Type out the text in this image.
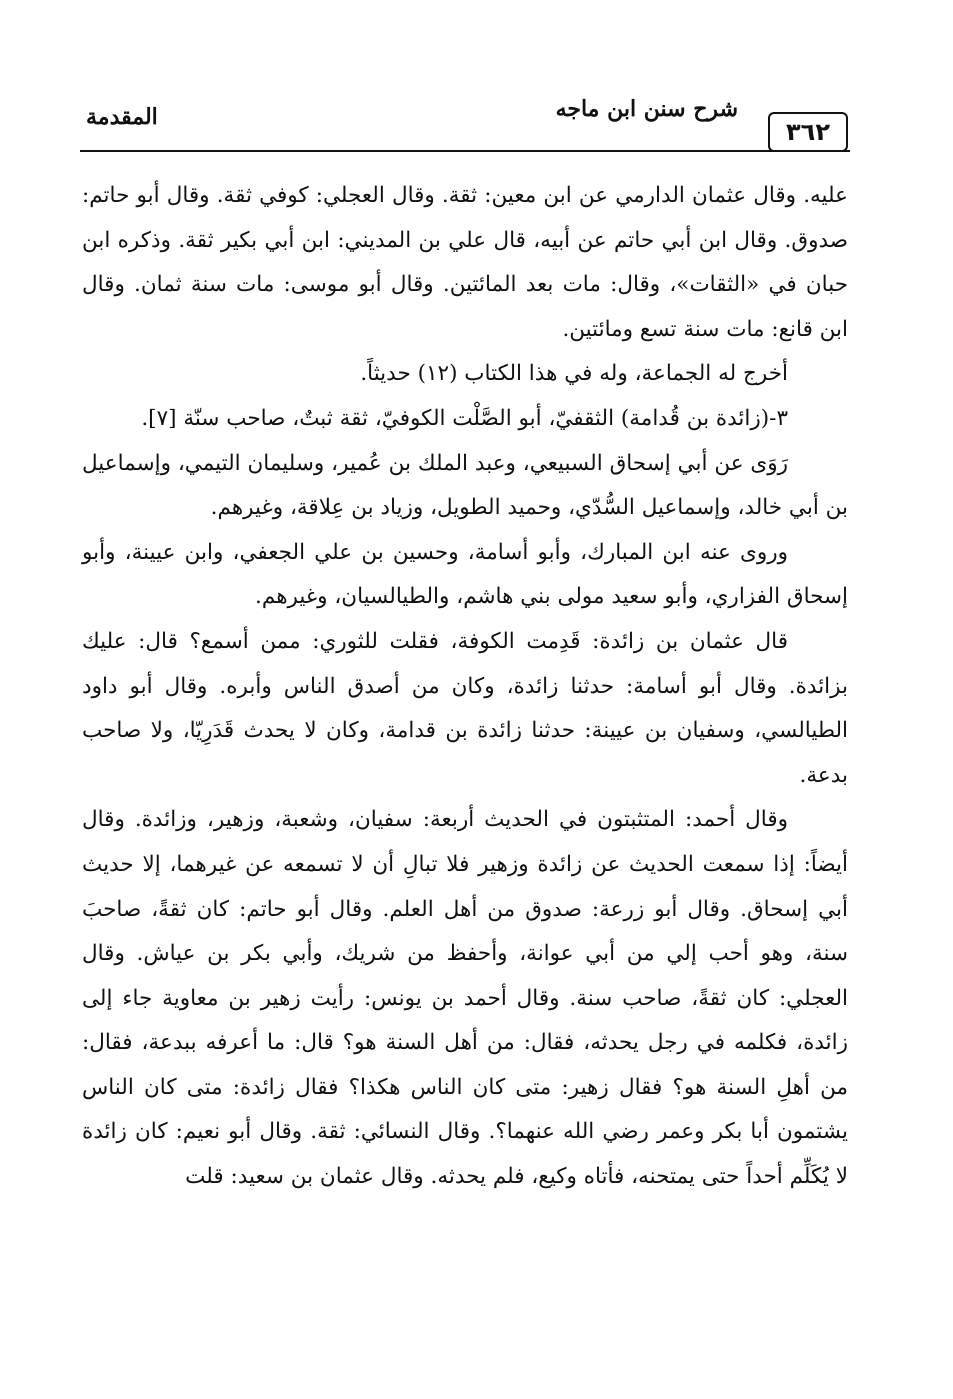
المقدمة	شرح سنن ابن ماجه
٣٦٢

عليه. وقال عثمان الدارمي عن ابن معين: ثقة. وقال العجلي: كوفي ثقة. وقال أبو حاتم: صدوق. وقال ابن أبي حاتم عن أبيه، قال علي بن المديني: ابن أبي بكير ثقة. وذكره ابن حبان في «الثقات»، وقال: مات بعد المائتين. وقال أبو موسى: مات سنة ثمان. وقال ابن قانع: مات سنة تسع ومائتين.

أخرج له الجماعة، وله في هذا الكتاب (١٢) حديثاً.

٣-(زائدة بن قُدامة) الثقفيّ، أبو الصَّلْت الكوفيّ، ثقة ثبتٌ، صاحب سنّة [٧].

رَوَى عن أبي إسحاق السبيعي، وعبد الملك بن عُمير، وسليمان التيمي، وإسماعيل بن أبي خالد، وإسماعيل السُّدّي، وحميد الطويل، وزياد بن عِلاقة، وغيرهم.

وروى عنه ابن المبارك، وأبو أسامة، وحسين بن علي الجعفي، وابن عيينة، وأبو إسحاق الفزاري، وأبو سعيد مولى بني هاشم، والطيالسيان، وغيرهم.

قال عثمان بن زائدة: قَدِمت الكوفة، فقلت للثوري: ممن أسمع؟ قال: عليك بزائدة. وقال أبو أسامة: حدثنا زائدة، وكان من أصدق الناس وأبره. وقال أبو داود الطيالسي، وسفيان بن عيينة: حدثنا زائدة بن قدامة، وكان لا يحدث قَدَرِيّا، ولا صاحب بدعة.

وقال أحمد: المتثبتون في الحديث أربعة: سفيان، وشعبة، وزهير، وزائدة. وقال أيضاً: إذا سمعت الحديث عن زائدة وزهير فلا تبالِ أن لا تسمعه عن غيرهما، إلا حديث أبي إسحاق. وقال أبو زرعة: صدوق من أهل العلم. وقال أبو حاتم: كان ثقةً، صاحبَ سنة، وهو أحب إلي من أبي عوانة، وأحفظ من شريك، وأبي بكر بن عياش. وقال العجلي: كان ثقةً، صاحب سنة. وقال أحمد بن يونس: رأيت زهير بن معاوية جاء إلى زائدة، فكلمه في رجل يحدثه، فقال: من أهل السنة هو؟ قال: ما أعرفه ببدعة، فقال: من أهلِ السنة هو؟ فقال زهير: متى كان الناس هكذا؟ فقال زائدة: متى كان الناس يشتمون أبا بكر وعمر رضي الله عنهما؟. وقال النسائي: ثقة. وقال أبو نعيم: كان زائدة لا يُكَلِّم أحداً حتى يمتحنه، فأتاه وكيع، فلم يحدثه. وقال عثمان بن سعيد: قلت
